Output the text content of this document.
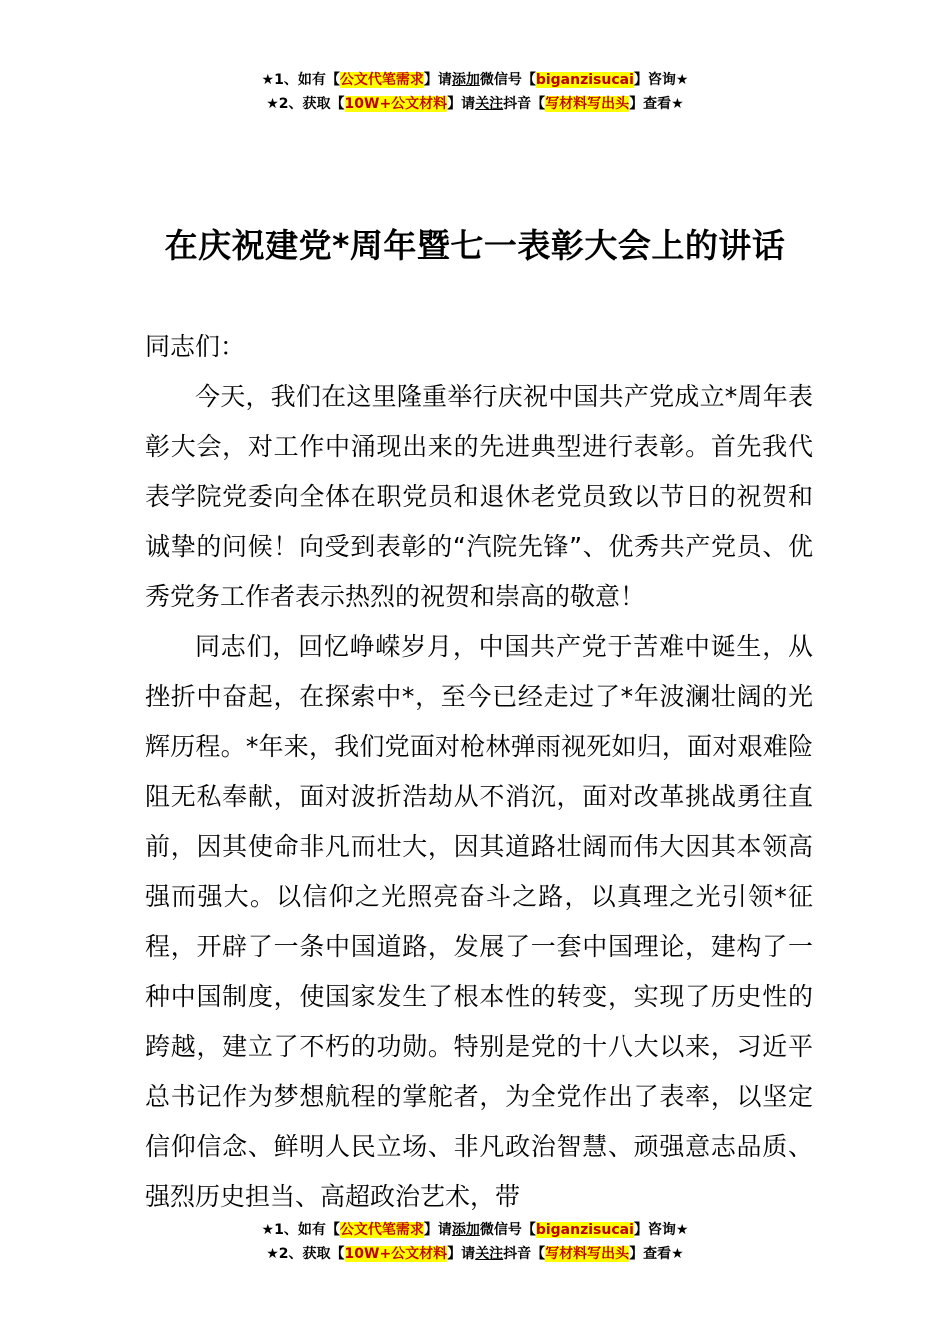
★1、如有【公文代笔需求】请添加微信号【biganzisucai】咨询★
★2、获取【10W+公文材料】请关注抖音【写材料写出头】查看★
在庆祝建党*周年暨七一表彰大会上的讲话

同志们：

今天，我们在这里隆重举行庆祝中国共产党成立*周年表彰大会，对工作中涌现出来的先进典型进行表彰。首先我代表学院党委向全体在职党员和退休老党员致以节日的祝贺和诚挚的问候！向受到表彰的“汽院先锋”、优秀共产党员、优秀党务工作者表示热烈的祝贺和崇高的敬意！

同志们，回忆峥嵘岁月，中国共产党于苦难中诞生，从挫折中奋起，在探索中*，至今已经走过了*年波澜壮阔的光辉历程。*年来，我们党面对枪林弹雨视死如归，面对艰难险阻无私奉献，面对波折浩劫从不消沉，面对改革挑战勇往直前，因其使命非凡而壮大，因其道路壮阔而伟大因其本领高强而强大。以信仰之光照亮奋斗之路，以真理之光引领*征程，开辟了一条中国道路，发展了一套中国理论，建构了一种中国制度，使国家发生了根本性的转变，实现了历史性的跨越，建立了不朽的功勋。特别是党的十八大以来，习近平总书记作为梦想航程的掌舵者，为全党作出了表率，以坚定信仰信念、鲜明人民立场、非凡政治智慧、顽强意志品质、强烈历史担当、高超政治艺术，带

★1、如有【公文代笔需求】请添加微信号【biganzisucai】咨询★
★2、获取【10W+公文材料】请关注抖音【写材料写出头】查看★
